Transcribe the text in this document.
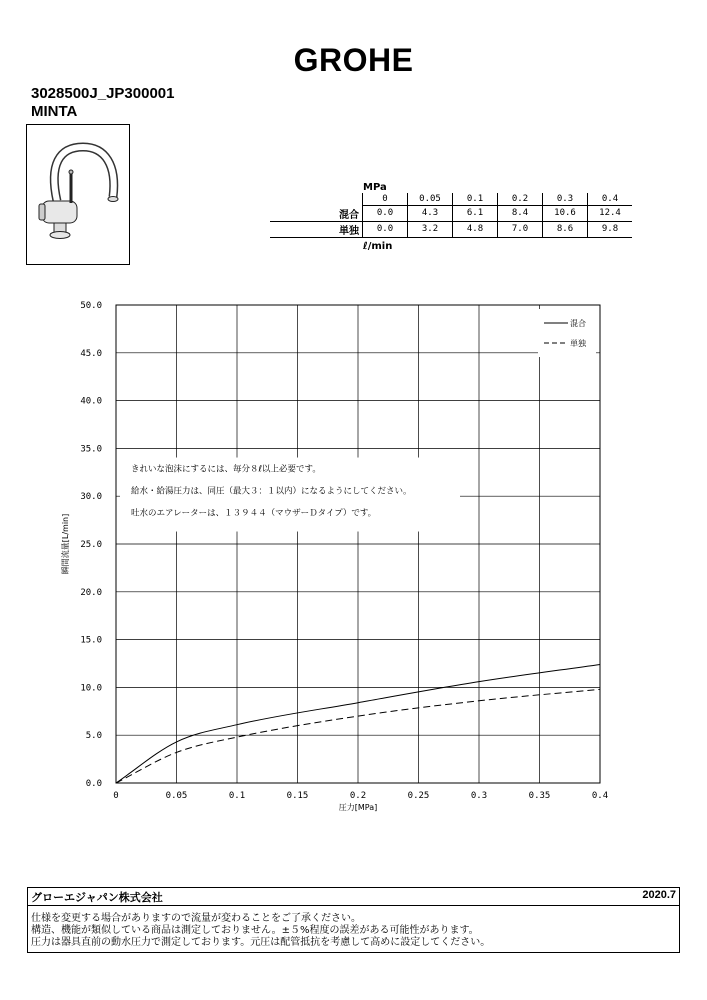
GROHE
3028500J_JP300001
MINTA
MPa
	0	0.05	0.1	0.2	0.3	0.4
混合	0.0	4.3	6.1	8.4	10.6	12.4
単独	0.0	3.2	4.8	7.0	8.6	9.8
ℓ/min
0	0.05	0.1	0.15	0.2	0.25	0.3	0.35	0.4
0.0
5.0
10.0
15.0
20.0
25.0
30.0
35.0
40.0
45.0
50.0
圧力[MPa]
瞬間流量[L/min]
きれいな泡沫にするには、毎分８ℓ以上必要です。
給水・給湯圧力は、同圧（最大３：１以内）になるようにしてください。
吐水のエアレーターは、１３９４４（マウザーＤタイプ）です。
混合
単独
グローエジャパン株式会社	2020.7
仕様を変更する場合がありますので流量が変わることをご了承ください。
構造、機能が類似している商品は測定しておりません。±５%程度の誤差がある可能性があります。
圧力は器具直前の動水圧力で測定しております。元圧は配管抵抗を考慮して高めに設定してください。
